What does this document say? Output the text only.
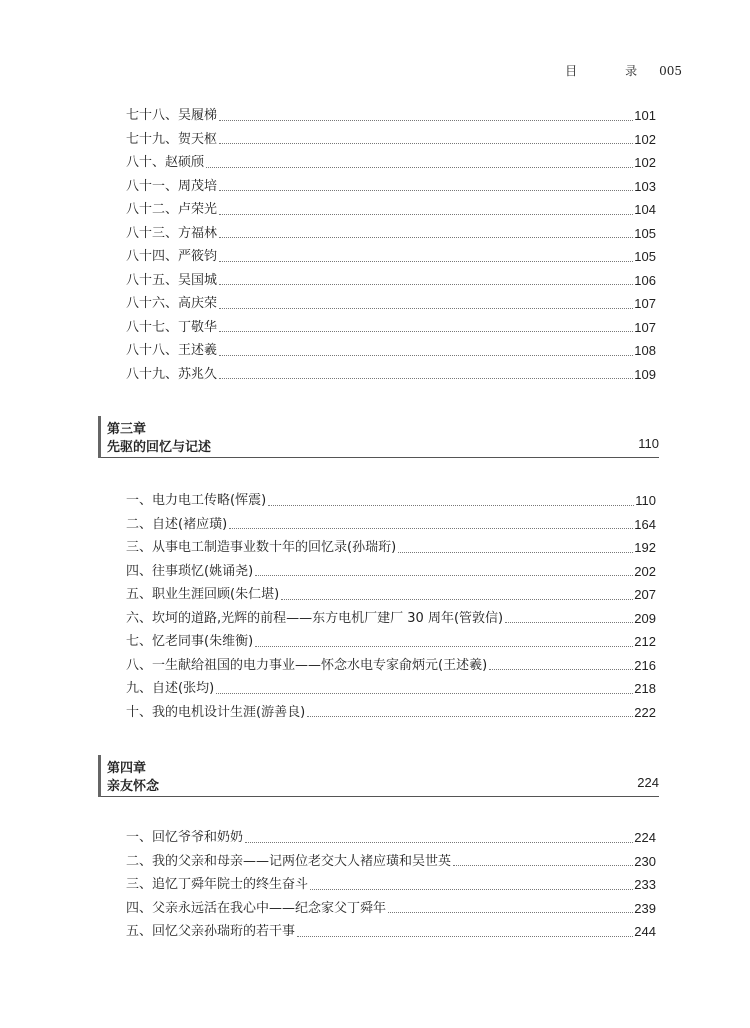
目　录 005
七十八、吴履梯	101
七十九、贺天枢	102
八十、赵硕颀	102
八十一、周茂培	103
八十二、卢荣光	104
八十三、方福林	105
八十四、严筱钧	105
八十五、吴国城	106
八十六、高庆荣	107
八十七、丁敬华	107
八十八、王述羲	108
八十九、苏兆久	109
第三章
先驱的回忆与记述	110
一、电力电工传略(恽震)	110
二、自述(褚应璜)	164
三、从事电工制造事业数十年的回忆录(孙瑞珩)	192
四、往事琐忆(姚诵尧)	202
五、职业生涯回顾(朱仁堪)	207
六、坎坷的道路,光辉的前程——东方电机厂建厂 30 周年(管敦信)	209
七、忆老同事(朱维衡)	212
八、一生献给祖国的电力事业——怀念水电专家俞炳元(王述羲)	216
九、自述(张均)	218
十、我的电机设计生涯(游善良)	222
第四章
亲友怀念	224
一、回忆爷爷和奶奶	224
二、我的父亲和母亲——记两位老交大人褚应璜和吴世英	230
三、追忆丁舜年院士的终生奋斗	233
四、父亲永远活在我心中——纪念家父丁舜年	239
五、回忆父亲孙瑞珩的若干事	244
